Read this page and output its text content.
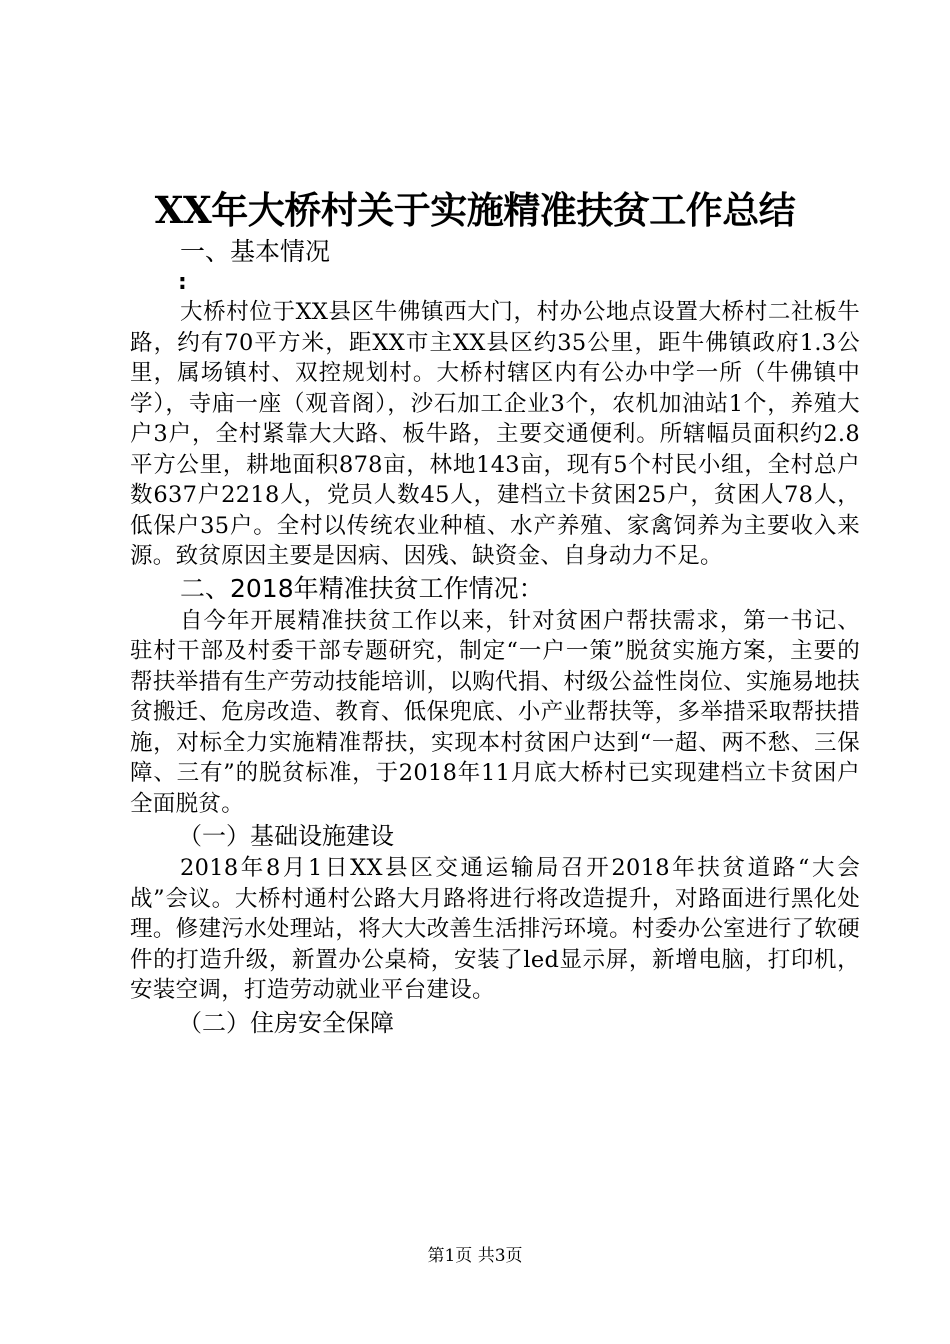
XX年大桥村关于实施精准扶贫工作总结
一、基本情况
:

大桥村位于XX县区牛佛镇西大门，村办公地点设置大桥村二社板牛路，约有70平方米，距XX市主XX县区约35公里，距牛佛镇政府1.3公里，属场镇村、双控规划村。大桥村辖区内有公办中学一所（牛佛镇中学），寺庙一座（观音阁），沙石加工企业3个，农机加油站1个，养殖大户3户，全村紧靠大大路、板牛路，主要交通便利。所辖幅员面积约2.8平方公里，耕地面积878亩，林地143亩，现有5个村民小组，全村总户数637户2218人，党员人数45人，建档立卡贫困25户，贫困人78人，低保户35户。全村以传统农业种植、水产养殖、家禽饲养为主要收入来源。致贫原因主要是因病、因残、缺资金、自身动力不足。

二、2018年精准扶贫工作情况：

自今年开展精准扶贫工作以来，针对贫困户帮扶需求，第一书记、驻村干部及村委干部专题研究，制定“一户一策”脱贫实施方案，主要的帮扶举措有生产劳动技能培训，以购代捐、村级公益性岗位、实施易地扶贫搬迁、危房改造、教育、低保兜底、小产业帮扶等，多举措采取帮扶措施，对标全力实施精准帮扶，实现本村贫困户达到“一超、两不愁、三保障、三有”的脱贫标准，于2018年11月底大桥村已实现建档立卡贫困户全面脱贫。

（一）基础设施建设

2018年8月1日XX县区交通运输局召开2018年扶贫道路“大会战”会议。大桥村通村公路大月路将进行将改造提升，对路面进行黑化处理。修建污水处理站，将大大改善生活排污环境。村委办公室进行了软硬件的打造升级，新置办公桌椅，安装了led显示屏，新增电脑，打印机，安装空调，打造劳动就业平台建设。

（二）住房安全保障
第1页 共3页
